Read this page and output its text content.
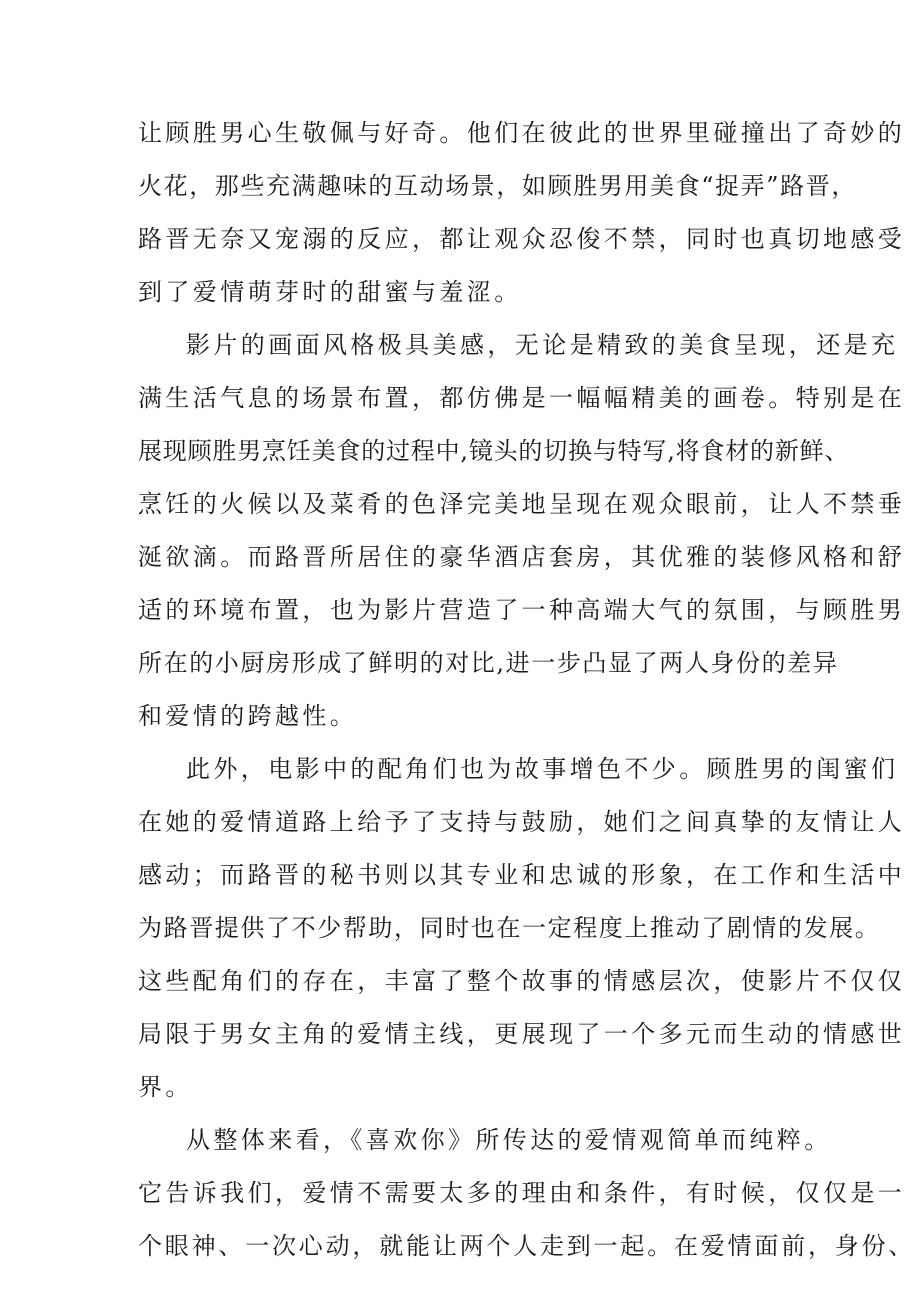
让顾胜男心生敬佩与好奇。他们在彼此的世界里碰撞出了奇妙的
火花，那些充满趣味的互动场景，如顾胜男用美食“捉弄”路晋，
路晋无奈又宠溺的反应，都让观众忍俊不禁，同时也真切地感受
到了爱情萌芽时的甜蜜与羞涩。
影片的画面风格极具美感，无论是精致的美食呈现，还是充
满生活气息的场景布置，都仿佛是一幅幅精美的画卷。特别是在
展现顾胜男烹饪美食的过程中,镜头的切换与特写,将食材的新鲜、
烹饪的火候以及菜肴的色泽完美地呈现在观众眼前，让人不禁垂
涎欲滴。而路晋所居住的豪华酒店套房，其优雅的装修风格和舒
适的环境布置，也为影片营造了一种高端大气的氛围，与顾胜男
所在的小厨房形成了鲜明的对比,进一步凸显了两人身份的差异
和爱情的跨越性。
此外，电影中的配角们也为故事增色不少。顾胜男的闺蜜们
在她的爱情道路上给予了支持与鼓励，她们之间真挚的友情让人
感动；而路晋的秘书则以其专业和忠诚的形象，在工作和生活中
为路晋提供了不少帮助，同时也在一定程度上推动了剧情的发展。
这些配角们的存在，丰富了整个故事的情感层次，使影片不仅仅
局限于男女主角的爱情主线，更展现了一个多元而生动的情感世
界。
从整体来看，《喜欢你》所传达的爱情观简单而纯粹。
它告诉我们，爱情不需要太多的理由和条件，有时候，仅仅是一
个眼神、一次心动，就能让两个人走到一起。在爱情面前，身份、
